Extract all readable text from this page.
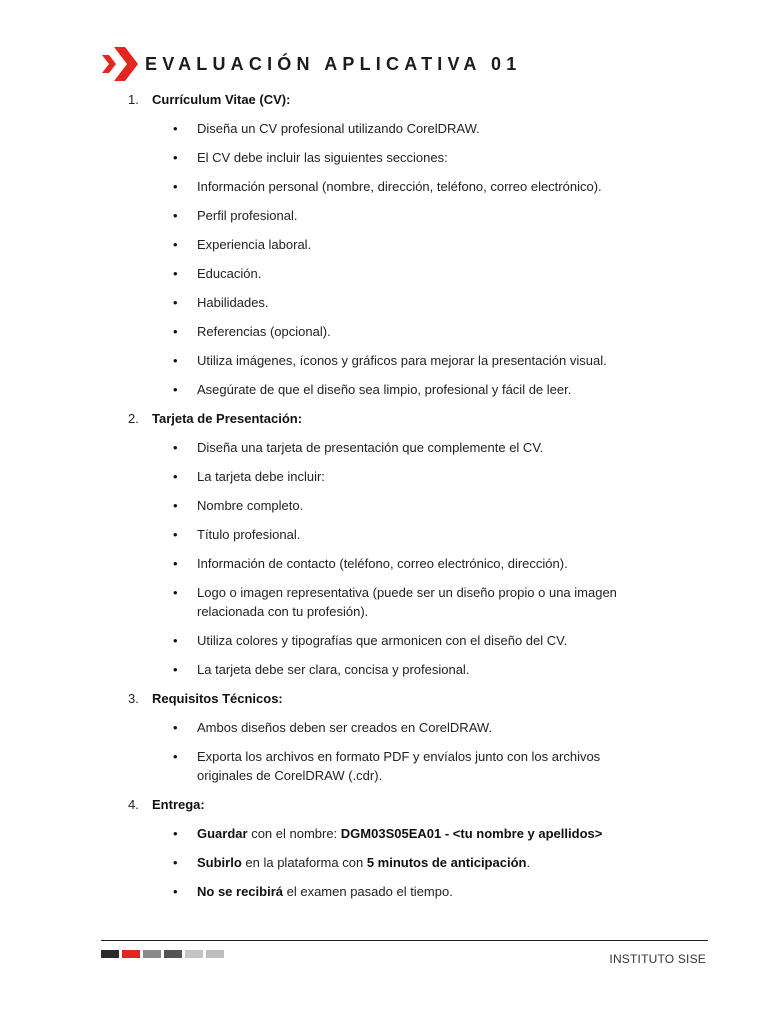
EVALUACIÓN APLICATIVA 01
1. Currículum Vitae (CV):
• Diseña un CV profesional utilizando CorelDRAW.
• El CV debe incluir las siguientes secciones:
• Información personal (nombre, dirección, teléfono, correo electrónico).
• Perfil profesional.
• Experiencia laboral.
• Educación.
• Habilidades.
• Referencias (opcional).
• Utiliza imágenes, íconos y gráficos para mejorar la presentación visual.
• Asegúrate de que el diseño sea limpio, profesional y fácil de leer.
2. Tarjeta de Presentación:
• Diseña una tarjeta de presentación que complemente el CV.
• La tarjeta debe incluir:
• Nombre completo.
• Título profesional.
• Información de contacto (teléfono, correo electrónico, dirección).
• Logo o imagen representativa (puede ser un diseño propio o una imagen relacionada con tu profesión).
• Utiliza colores y tipografías que armonicen con el diseño del CV.
• La tarjeta debe ser clara, concisa y profesional.
3. Requisitos Técnicos:
• Ambos diseños deben ser creados en CorelDRAW.
• Exporta los archivos en formato PDF y envíalos junto con los archivos originales de CorelDRAW (.cdr).
4. Entrega:
• Guardar con el nombre: DGM03S05EA01 - <tu nombre y apellidos>
• Subirlo en la plataforma con 5 minutos de anticipación.
• No se recibirá el examen pasado el tiempo.
INSTITUTO SISE
